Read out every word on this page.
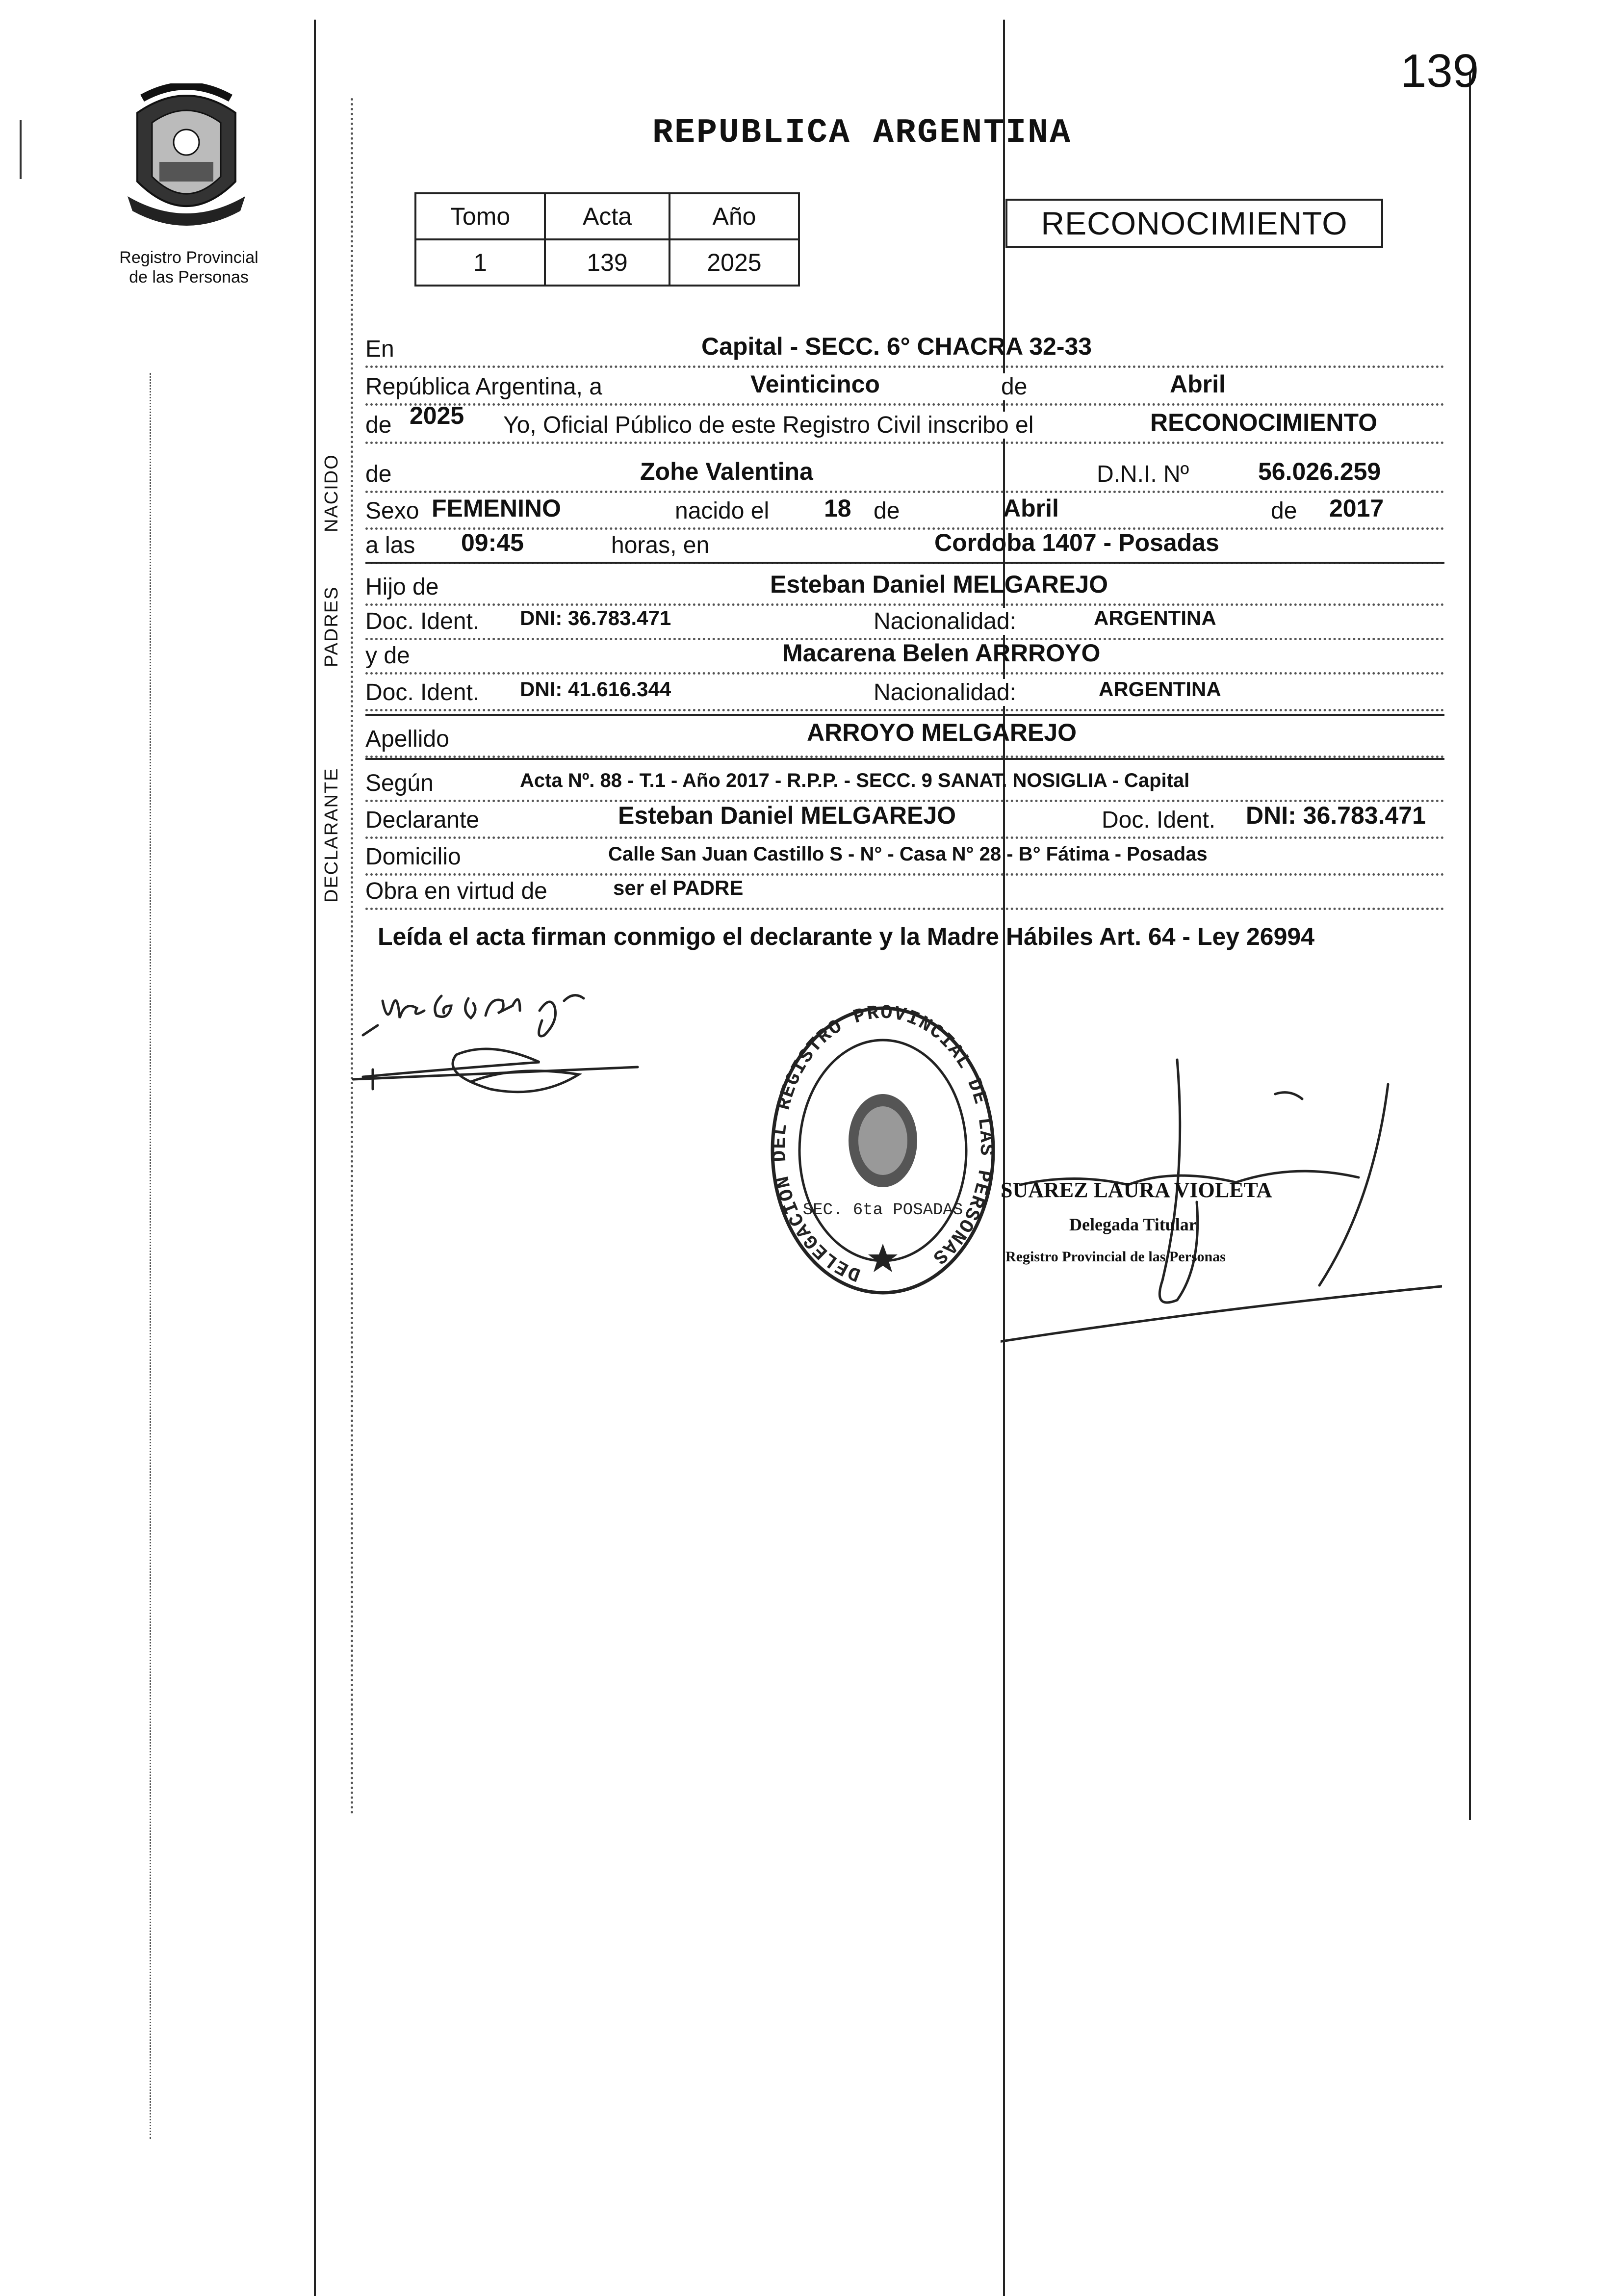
Registro Provincial
de las Personas
139
REPUBLICA ARGENTINA
Tomo	Acta	Año
1	139	2025
RECONOCIMIENTO
NACIDO
PADRES
DECLARANTE
En	Capital - SECC. 6° CHACRA 32-33
República Argentina, a	Veinticinco	de	Abril
de 2025 Yo, Oficial Público de este Registro Civil inscribo el	RECONOCIMIENTO
de	Zohe Valentina	D.N.I. Nº	56.026.259
Sexo FEMENINO	nacido el 18 de	Abril	de 2017
a las 09:45	horas, en	Cordoba 1407 - Posadas
Hijo de	Esteban Daniel MELGAREJO
Doc. Ident. DNI: 36.783.471	Nacionalidad:	ARGENTINA
y de	Macarena Belen ARRROYO
Doc. Ident. DNI: 41.616.344	Nacionalidad:	ARGENTINA
Apellido	ARROYO MELGAREJO
Según	Acta Nº. 88 - T.1 - Año 2017 - R.P.P. - SECC. 9 SANAT. NOSIGLIA - Capital
Declarante	Esteban Daniel MELGAREJO	Doc. Ident. DNI: 36.783.471
Domicilio	Calle San Juan Castillo S - N° - Casa N° 28 - B° Fátima - Posadas
Obra en virtud de	ser el PADRE
Leída el acta firman conmigo el declarante y la Madre Hábiles Art. 64 - Ley 26994
DELEGACION DEL REGISTRO PROVINCIAL DE LAS PERSONAS
SEC. 6ta POSADAS
SUAREZ LAURA VIOLETA
Delegada Titular
Registro Provincial de las Personas
